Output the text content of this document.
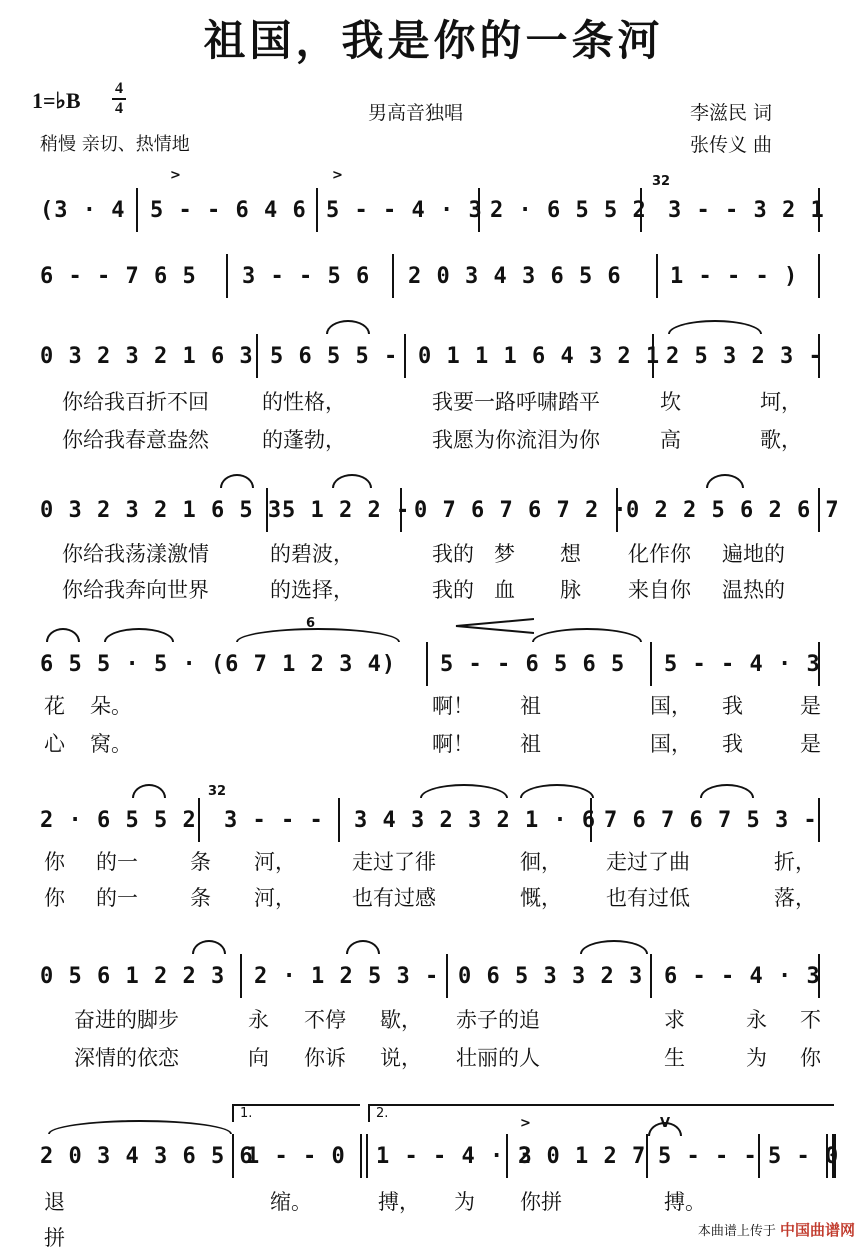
祖国，我是你的一条河
1=♭B 4
4	男高音独唱
稍慢 亲切、热情地
李滋民 词
张传义 曲
(3 · 4
>
5 - - 6 4 6
>
5 - - 4 · 3 2 · 6 5 5 2
32
3 - - 3 2 1
6 - - 7 6 5 3 - - 5 6 2 0 3 4 3 6 5 6 1 - - - )
0 3 2 3 2 1 6 3 5 6 5 5 - 0 1 1 1 6 4 3 2 1 2 5 3 2 3 -
你给我百折不回	的性格，	我要一路呼啸踏平	坎	坷，
你给我春意盎然	的蓬勃，	我愿为你流泪为你	高	歌，
0 3 2 3 2 1 6 5 3 5 1 2 2 - 0 7 6 7 6 7 2 ·
0 2 2 5 6 2 6 7
你给我荡漾激情	的碧波，	我的 梦 想 化作你 遍地的
你给我奔向世界	的选择，	我的 血 脉 来自你 温热的
6
6 5 5 · 5 · (6 7 1 2 3 4) 5 - - 6 5 6 5 5 - - 4 · 3
花 朵。	啊！ 祖	国， 我	是
心 窝。	啊！ 祖	国， 我	是
2 · 6 5 5 2
32
3 - - - 3 4 3 2 3 2 1 · 6 7 6 7 6 7 5 3 -
你 的一 条 河，	走过了徘	徊， 走过了曲	折，
你 的一 条 河，	也有过感	慨， 也有过低	落，
0 5 6 1 2 2 3 2 · 1 2 5 3 - 0 6 5 3 3 2 3 6 - - 4 · 3
奋进的脚步	永 不停 歇， 赤子的追	求	永 不
深情的依恋	向 你诉 说， 壮丽的人	生	为 你
1.	2.
2 0 3 4 3 6 5 6
1 - - 0 1 - - 4 · 3
>
2 0 1 2 7
V
5 - - - 5 - 0
退	缩。	搏， 为 你拼	搏。
拼	本曲谱上传于 中国曲谱网
